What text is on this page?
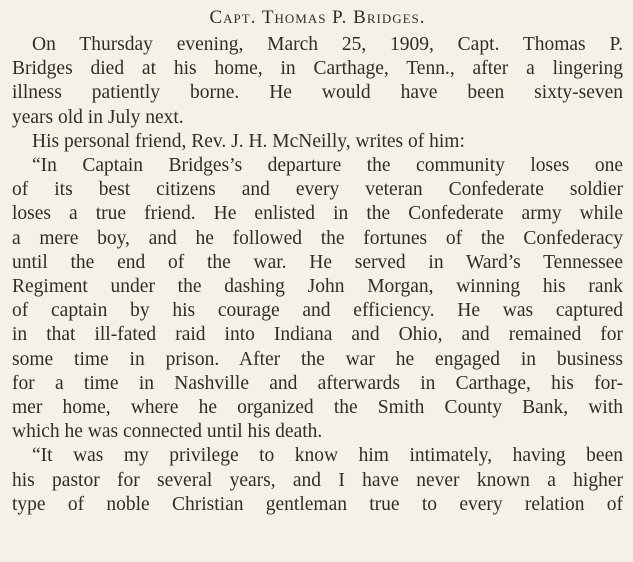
Capt. Thomas P. Bridges.
On Thursday evening, March 25, 1909, Capt. Thomas P.
Bridges died at his home, in Carthage, Tenn., after a lingering
illness patiently borne. He would have been sixty-seven
years old in July next.
His personal friend, Rev. J. H. McNeilly, writes of him:
“In Captain Bridges’s departure the community loses one
of its best citizens and every veteran Confederate soldier
loses a true friend. He enlisted in the Confederate army while
a mere boy, and he followed the fortunes of the Confederacy
until the end of the war. He served in Ward’s Tennessee
Regiment under the dashing John Morgan, winning his rank
of captain by his courage and efficiency. He was captured
in that ill-fated raid into Indiana and Ohio, and remained for
some time in prison. After the war he engaged in business
for a time in Nashville and afterwards in Carthage, his for-
mer home, where he organized the Smith County Bank, with
which he was connected until his death.
“It was my privilege to know him intimately, having been
his pastor for several years, and I have never known a higher
type of noble Christian gentleman true to every relation of
